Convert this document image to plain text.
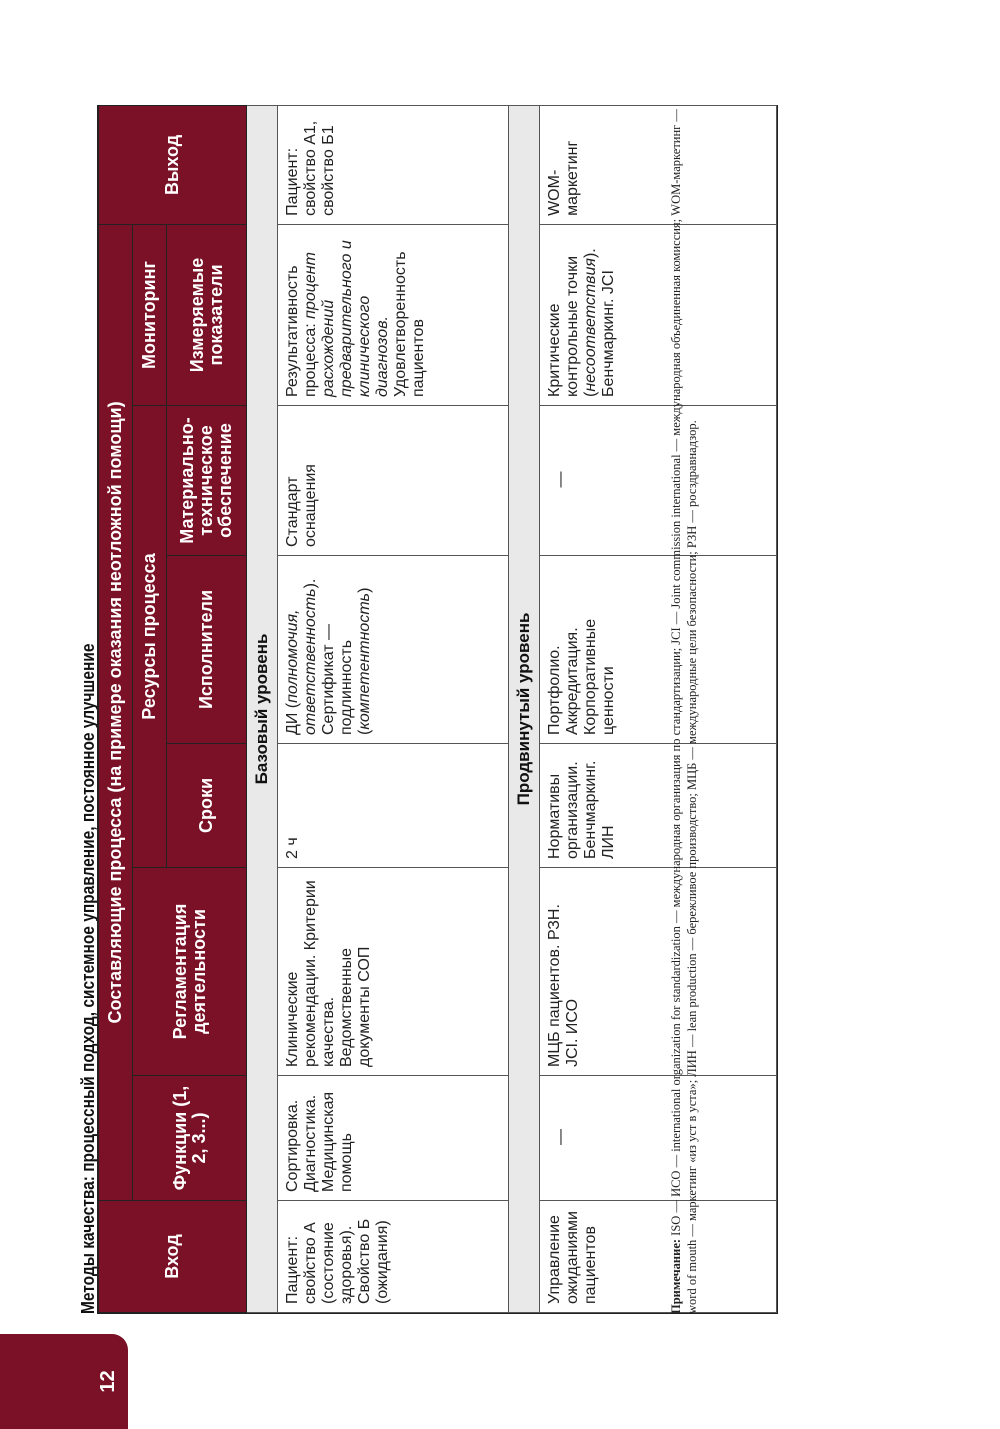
12
Методы качества: процессный подход, системное управление, постоянное улучшение	Вход	Составляющие процесса (на примере оказания неотложной помощи)						Выход
	Функции (1, 2, 3...)	Регламентация деятельности	Ресурсы процесса			Мониторинг	
			Сроки	Исполнители	Материально-техническое обеспечение	Измеряемые показатели	
Базовый уровень							
Пациент: свойство А (состояние здоровья). Свойство Б (ожидания)	Сортировка. Диагностика. Медицинская помощь	Клинические рекомендации. Критерии качества. Ведомственные документы СОП	2 ч	ДИ (полномочия, ответственность). Сертификат — подлинность (компетентность)	Стандарт оснащения	Результативность процесса: процент расхождений предварительного и клинического диагнозов. Удовлетворенность пациентов	Пациент: свойство А1, свойство Б1
Продвинутый уровень							
Управление ожиданиями пациентов	—	МЦБ пациентов. РЗН. JCI. ИСО	Нормативы организации. Бенчмаркинг. ЛИН	Портфолио. Аккредитация. Корпоративные ценности	—	Критические контрольные точки (несоответствия). Бенчмаркинг. JCI	WOM-маркетинг
Примечание: ISO — ИСО — international organization for standardization — международная организация по стандартизации; JCI — Joint commission international — международная объединенная комиссия; WOM-маркетинг — word of mouth — маркетинг «из уст в уста»; ЛИН — lean production — бережливое производство; МЦБ — международные цели безопасности; РЗН — росздравнадзор.
